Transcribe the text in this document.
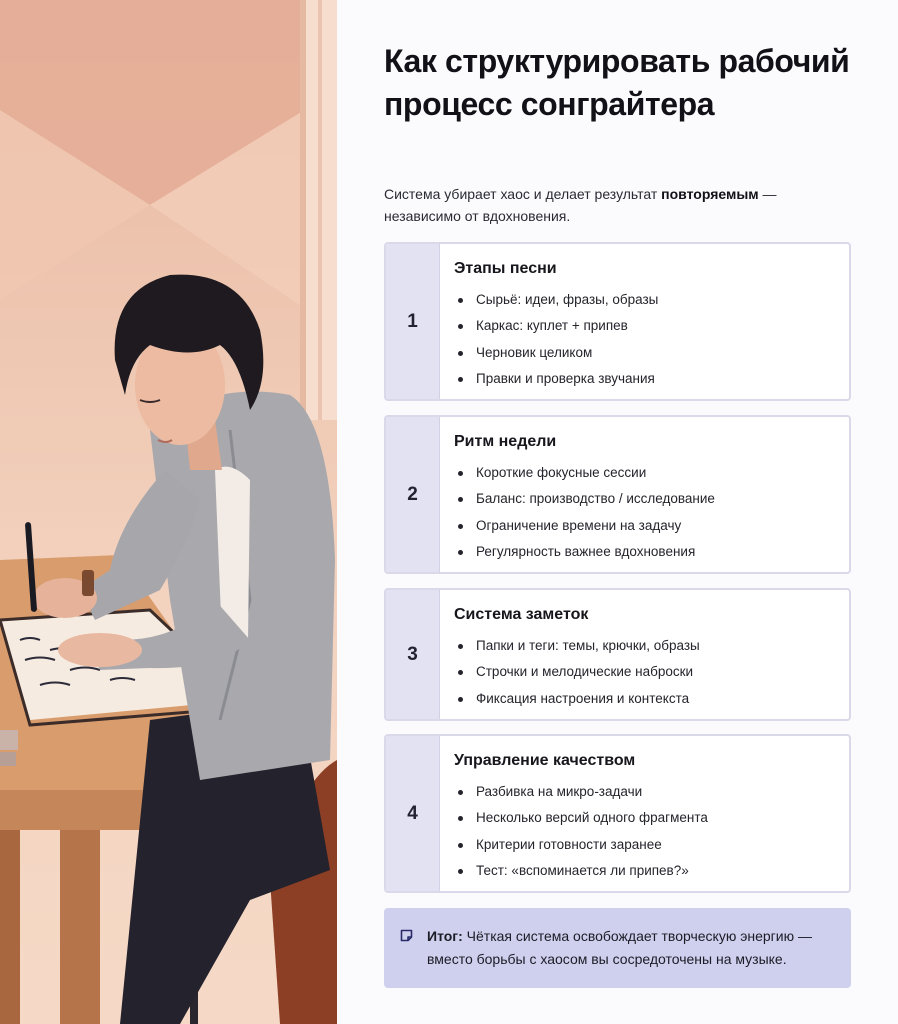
Как структурировать рабочий процесс сонграйтера

Система убирает хаос и делает результат повторяемым — независимо от вдохновения.

1
Этапы песни
Сырьё: идеи, фразы, образы
Каркас: куплет + припев
Черновик целиком
Правки и проверка звучания
2
Ритм недели
Короткие фокусные сессии
Баланс: производство / исследование
Ограничение времени на задачу
Регулярность важнее вдохновения
3
Система заметок
Папки и теги: темы, крючки, образы
Строчки и мелодические наброски
Фиксация настроения и контекста
4
Управление качеством
Разбивка на микро-задачи
Несколько версий одного фрагмента
Критерии готовности заранее
Тест: «вспоминается ли припев?»
Итог: Чёткая система освобождает творческую энергию — вместо борьбы с хаосом вы сосредоточены на музыке.
